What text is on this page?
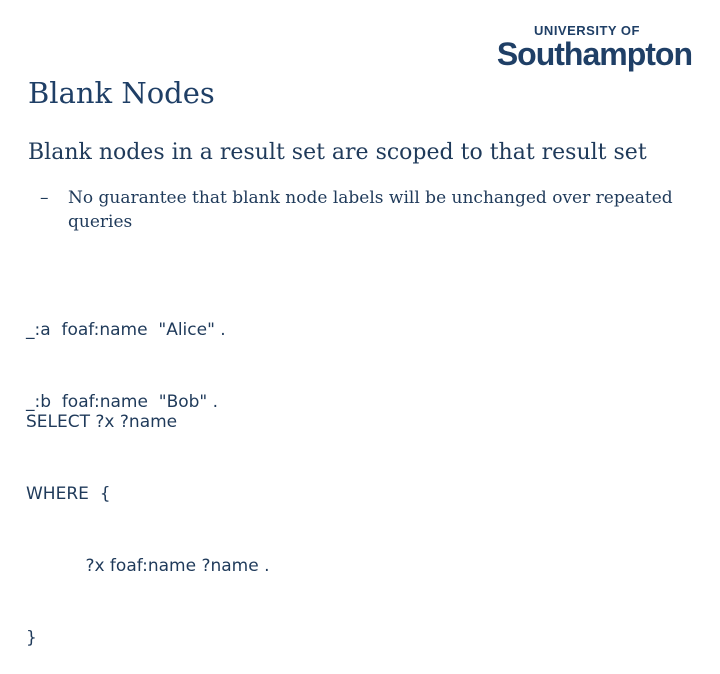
UNIVERSITY OF
Southampton
Blank Nodes
Blank nodes in a result set are scoped to that result set
– No guarantee that blank node labels will be unchanged over repeated queries

_:a  foaf:name  "Alice" .

_:b  foaf:name  "Bob" .

SELECT ?x ?name

WHERE  {

?x foaf:name ?name .

}
